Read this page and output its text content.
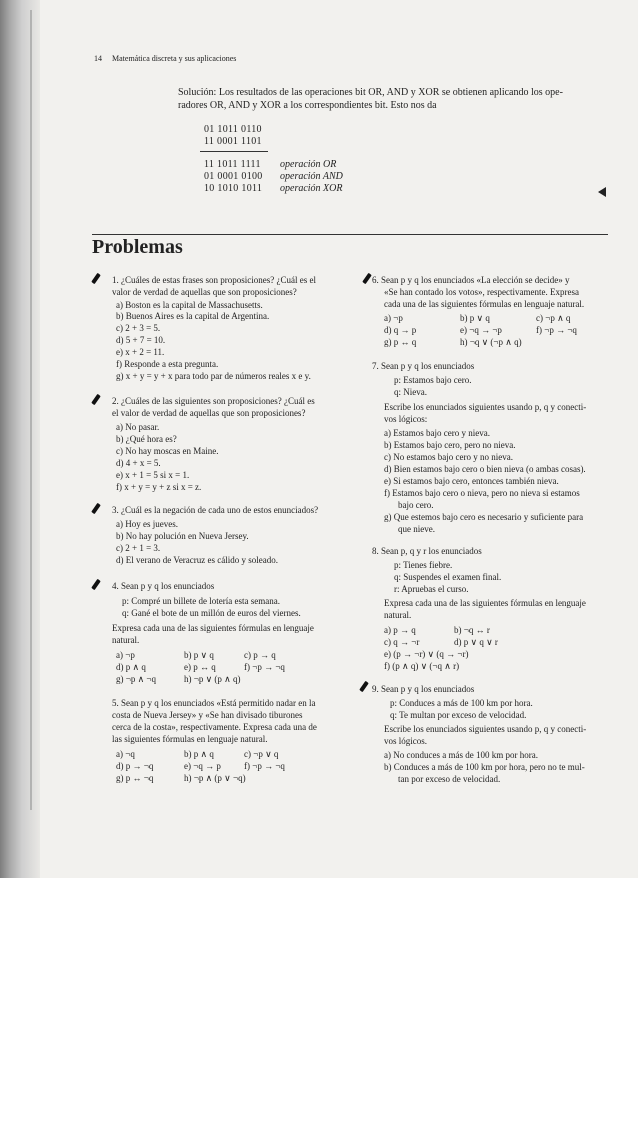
14 Matemática discreta y sus aplicaciones
Solución: Los resultados de las operaciones bit OR, AND y XOR se obtienen aplicando los ope-
radores OR, AND y XOR a los correspondientes bit. Esto nos da
01 1011 0110
11 0001 1101
11 1011 1111 operación OR
01 0001 0100 operación AND
10 1010 1011 operación XOR
Problemas
1. ¿Cuáles de estas frases son proposiciones? ¿Cuál es el
valor de verdad de aquellas que son proposiciones?
a) Boston es la capital de Massachusetts.
b) Buenos Aires es la capital de Argentina.
c) 2 + 3 = 5.
d) 5 + 7 = 10.
e) x + 2 = 11.
f) Responde a esta pregunta.
g) x + y = y + x para todo par de números reales x e y.
2. ¿Cuáles de las siguientes son proposiciones? ¿Cuál es
el valor de verdad de aquellas que son proposiciones?
a) No pasar.
b) ¿Qué hora es?
c) No hay moscas en Maine.
d) 4 + x = 5.
e) x + 1 = 5 si x = 1.
f) x + y = y + z si x = z.
3. ¿Cuál es la negación de cada uno de estos enunciados?
a) Hoy es jueves.
b) No hay polución en Nueva Jersey.
c) 2 + 1 = 3.
d) El verano de Veracruz es cálido y soleado.
4. Sean p y q los enunciados
p: Compré un billete de lotería esta semana.
q: Gané el bote de un millón de euros del viernes.
Expresa cada una de las siguientes fórmulas en lenguaje
natural.
a) ¬p	b) p ∨ q	c) p → q
d) p ∧ q	e) p ↔ q	f) ¬p → ¬q
g) ¬p ∧ ¬q	h) ¬p ∨ (p ∧ q)
5. Sean p y q los enunciados «Está permitido nadar en la
costa de Nueva Jersey» y «Se han divisado tiburones
cerca de la costa», respectivamente. Expresa cada una de
las siguientes fórmulas en lenguaje natural.
a) ¬q	b) p ∧ q	c) ¬p ∨ q
d) p → ¬q	e) ¬q → p	f) ¬p → ¬q
g) p ↔ ¬q	h) ¬p ∧ (p ∨ ¬q)
6. Sean p y q los enunciados «La elección se decide» y
«Se han contado los votos», respectivamente. Expresa
cada una de las siguientes fórmulas en lenguaje natural.
a) ¬p	b) p ∨ q	c) ¬p ∧ q
d) q → p	e) ¬q → ¬p	f) ¬p → ¬q
g) p ↔ q	h) ¬q ∨ (¬p ∧ q)
7. Sean p y q los enunciados
p: Estamos bajo cero.
q: Nieva.
Escribe los enunciados siguientes usando p, q y conecti-
vos lógicos:
a) Estamos bajo cero y nieva.
b) Estamos bajo cero, pero no nieva.
c) No estamos bajo cero y no nieva.
d) Bien estamos bajo cero o bien nieva (o ambas cosas).
e) Si estamos bajo cero, entonces también nieva.
f) Estamos bajo cero o nieva, pero no nieva si estamos
bajo cero.
g) Que estemos bajo cero es necesario y suficiente para
que nieve.
8. Sean p, q y r los enunciados
p: Tienes fiebre.
q: Suspendes el examen final.
r: Apruebas el curso.
Expresa cada una de las siguientes fórmulas en lenguaje
natural.
a) p → q	b) ¬q ↔ r
c) q → ¬r	d) p ∨ q ∨ r
e) (p → ¬r) ∨ (q → ¬r)
f) (p ∧ q) ∨ (¬q ∧ r)
9. Sean p y q los enunciados
p: Conduces a más de 100 km por hora.
q: Te multan por exceso de velocidad.
Escribe los enunciados siguientes usando p, q y conecti-
vos lógicos.
a) No conduces a más de 100 km por hora.
b) Conduces a más de 100 km por hora, pero no te mul-
tan por exceso de velocidad.
